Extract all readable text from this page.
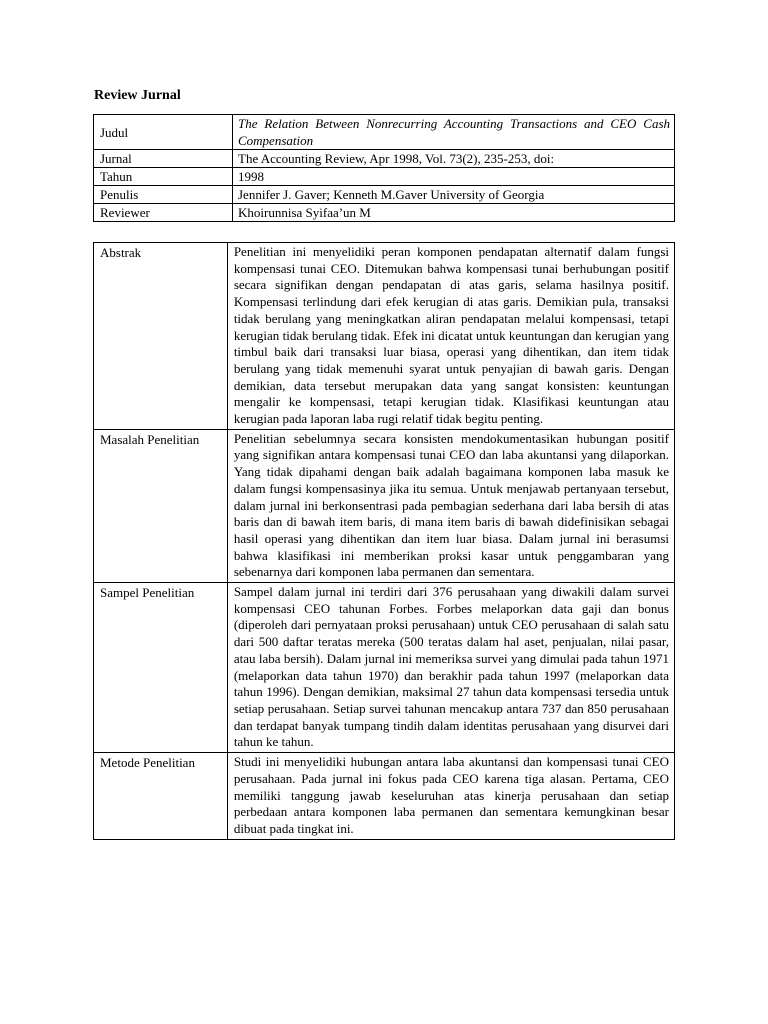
Review Jurnal
Judul	The Relation Between Nonrecurring Accounting Transactions and CEO Cash Compensation
Jurnal	The Accounting Review, Apr 1998, Vol. 73(2), 235-253, doi:
Tahun	1998
Penulis	Jennifer J. Gaver; Kenneth M.Gaver University of Georgia
Reviewer	Khoirunnisa Syifaa’un M
Abstrak	Penelitian ini menyelidiki peran komponen pendapatan alternatif dalam fungsi kompensasi tunai CEO. Ditemukan bahwa kompensasi tunai berhubungan positif secara signifikan dengan pendapatan di atas garis, selama hasilnya positif. Kompensasi terlindung dari efek kerugian di atas garis. Demikian pula, transaksi tidak berulang yang meningkatkan aliran pendapatan melalui kompensasi, tetapi kerugian tidak berulang tidak. Efek ini dicatat untuk keuntungan dan kerugian yang timbul baik dari transaksi luar biasa, operasi yang dihentikan, dan item tidak berulang yang tidak memenuhi syarat untuk penyajian di bawah garis. Dengan demikian, data tersebut merupakan data yang sangat konsisten: keuntungan mengalir ke kompensasi, tetapi kerugian tidak. Klasifikasi keuntungan atau kerugian pada laporan laba rugi relatif tidak begitu penting.
Masalah Penelitian	Penelitian sebelumnya secara konsisten mendokumentasikan hubungan positif yang signifikan antara kompensasi tunai CEO dan laba akuntansi yang dilaporkan. Yang tidak dipahami dengan baik adalah bagaimana komponen laba masuk ke dalam fungsi kompensasinya jika itu semua. Untuk menjawab pertanyaan tersebut, dalam jurnal ini berkonsentrasi pada pembagian sederhana dari laba bersih di atas baris dan di bawah item baris, di mana item baris di bawah didefinisikan sebagai hasil operasi yang dihentikan dan item luar biasa. Dalam jurnal ini berasumsi bahwa klasifikasi ini memberikan proksi kasar untuk penggambaran yang sebenarnya dari komponen laba permanen dan sementara.
Sampel Penelitian	Sampel dalam jurnal ini terdiri dari 376 perusahaan yang diwakili dalam survei kompensasi CEO tahunan Forbes. Forbes melaporkan data gaji dan bonus (diperoleh dari pernyataan proksi perusahaan) untuk CEO perusahaan di salah satu dari 500 daftar teratas mereka (500 teratas dalam hal aset, penjualan, nilai pasar, atau laba bersih). Dalam jurnal ini memeriksa survei yang dimulai pada tahun 1971 (melaporkan data tahun 1970) dan berakhir pada tahun 1997 (melaporkan data tahun 1996). Dengan demikian, maksimal 27 tahun data kompensasi tersedia untuk setiap perusahaan. Setiap survei tahunan mencakup antara 737 dan 850 perusahaan dan terdapat banyak tumpang tindih dalam identitas perusahaan yang disurvei dari tahun ke tahun.
Metode Penelitian	Studi ini menyelidiki hubungan antara laba akuntansi dan kompensasi tunai CEO perusahaan. Pada jurnal ini fokus pada CEO karena tiga alasan. Pertama, CEO memiliki tanggung jawab keseluruhan atas kinerja perusahaan dan setiap perbedaan antara komponen laba permanen dan sementara kemungkinan besar dibuat pada tingkat ini.
